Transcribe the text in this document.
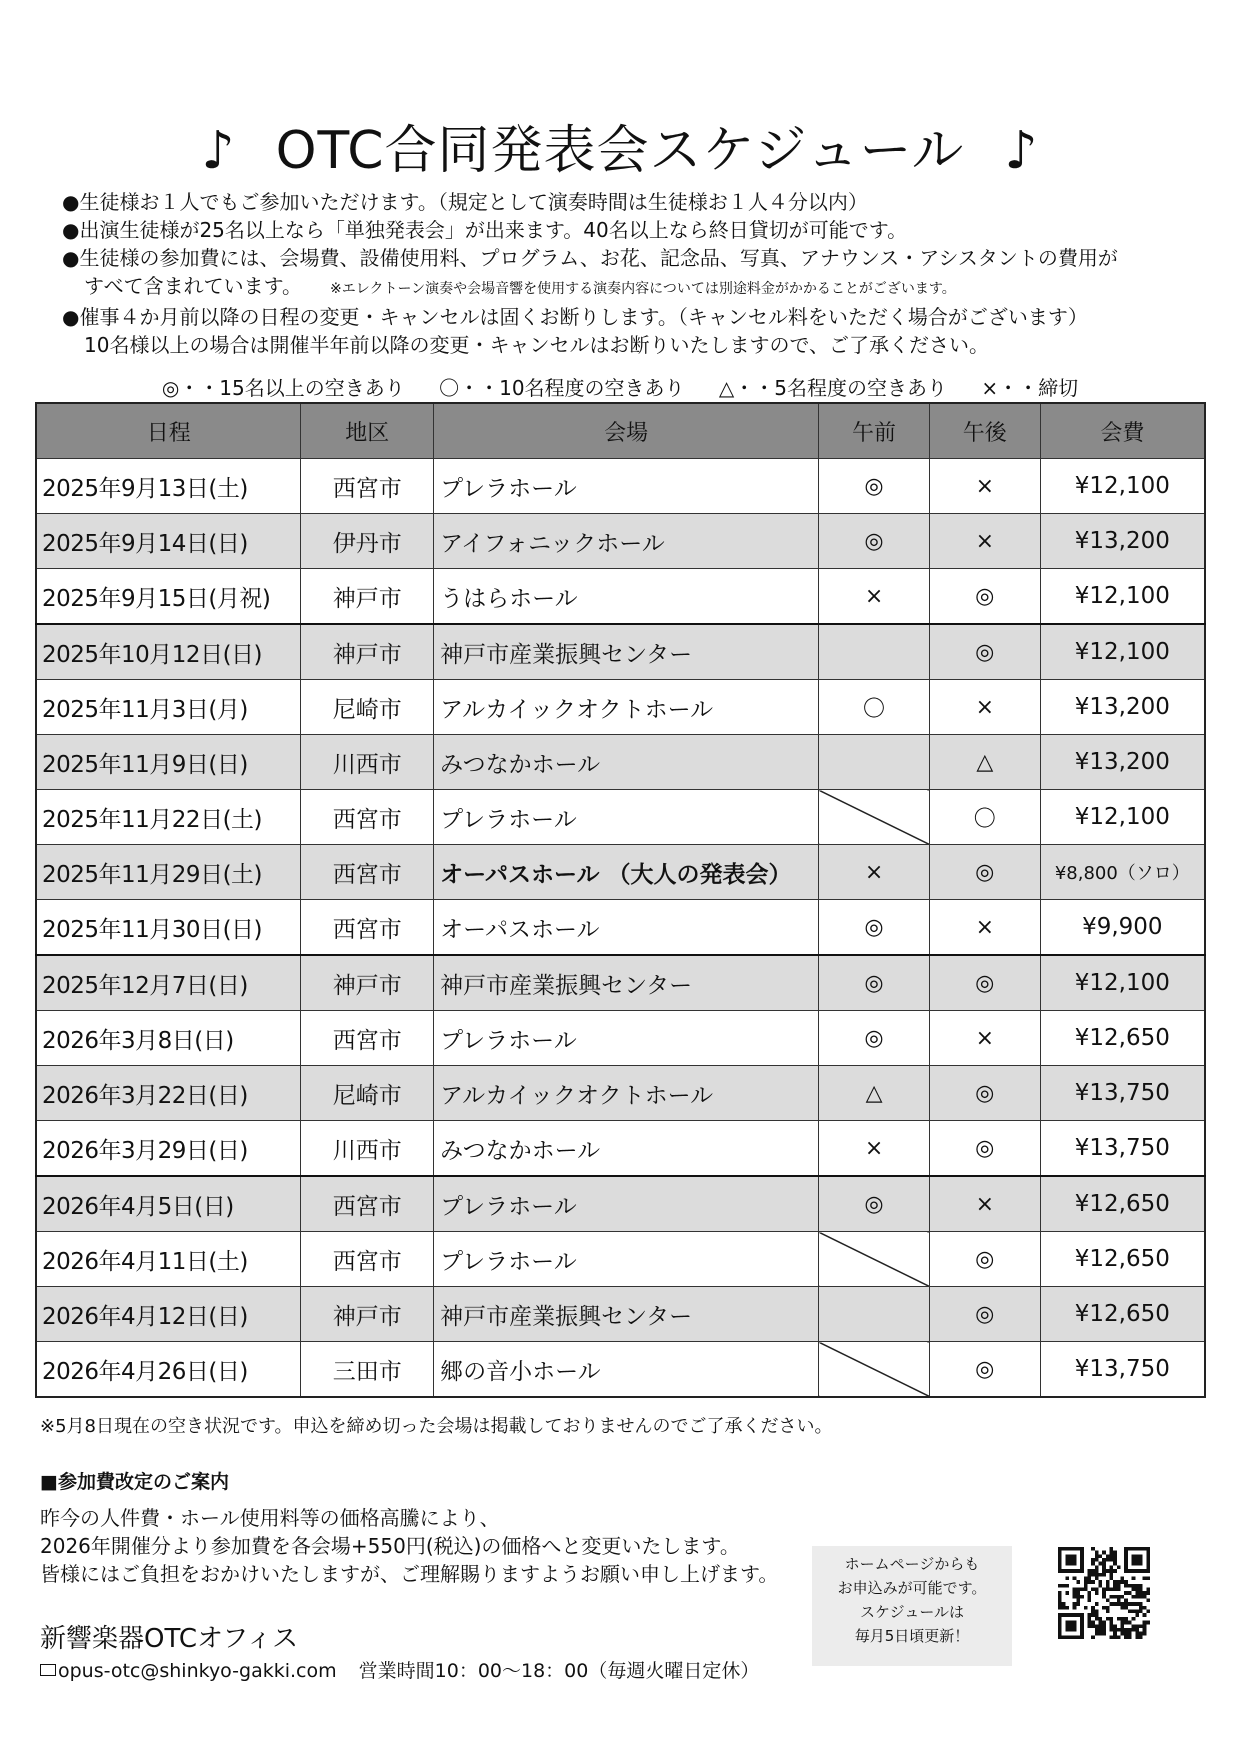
♪ OTC合同発表会スケジュール ♪
●生徒様お１人でもご参加いただけます。（規定として演奏時間は生徒様お１人４分以内）
●出演生徒様が25名以上なら「単独発表会」が出来ます。40名以上なら終日貸切が可能です。
●生徒様の参加費には、会場費、設備使用料、プログラム、お花、記念品、写真、アナウンス・アシスタントの費用が
すべて含まれています。 ※エレクトーン演奏や会場音響を使用する演奏内容については別途料金がかかることがございます。
●催事４か月前以降の日程の変更・キャンセルは固くお断りします。（キャンセル料をいただく場合がございます）
10名様以上の場合は開催半年前以降の変更・キャンセルはお断りいたしますので、ご了承ください。
◎・・15名以上の空きあり 〇・・10名程度の空きあり △・・5名程度の空きあり ×・・締切
日程	地区	会場	午前	午後	会費
2025年9月13日(土)	西宮市	プレラホール	◎	×	¥12,100
2025年9月14日(日)	伊丹市	アイフォニックホール	◎	×	¥13,200
2025年9月15日(月祝)	神戸市	うはらホール	×	◎	¥12,100
2025年10月12日(日)	神戸市	神戸市産業振興センター		◎	¥12,100
2025年11月3日(月)	尼崎市	アルカイックオクトホール	〇	×	¥13,200
2025年11月9日(日)	川西市	みつなかホール		△	¥13,200
2025年11月22日(土)	西宮市	プレラホール		〇	¥12,100
2025年11月29日(土)	西宮市	オーパスホール （大人の発表会）	×	◎	¥8,800（ソロ）
2025年11月30日(日)	西宮市	オーパスホール	◎	×	¥9,900
2025年12月7日(日)	神戸市	神戸市産業振興センター	◎	◎	¥12,100
2026年3月8日(日)	西宮市	プレラホール	◎	×	¥12,650
2026年3月22日(日)	尼崎市	アルカイックオクトホール	△	◎	¥13,750
2026年3月29日(日)	川西市	みつなかホール	×	◎	¥13,750
2026年4月5日(日)	西宮市	プレラホール	◎	×	¥12,650
2026年4月11日(土)	西宮市	プレラホール		◎	¥12,650
2026年4月12日(日)	神戸市	神戸市産業振興センター		◎	¥12,650
2026年4月26日(日)	三田市	郷の音小ホール		◎	¥13,750
※5月8日現在の空き状況です。申込を締め切った会場は掲載しておりませんのでご了承ください。
■参加費改定のご案内
昨今の人件費・ホール使用料等の価格高騰により、
2026年開催分より参加費を各会場+550円(税込)の価格へと変更いたします。
皆様にはご負担をおかけいたしますが、ご理解賜りますようお願い申し上げます。	ホームページからも
お申込みが可能です。
スケジュールは
毎月5日頃更新！
新響楽器OTCオフィス
opus-otc@shinkyo-gakki.com 営業時間10：00～18：00（毎週火曜日定休）
